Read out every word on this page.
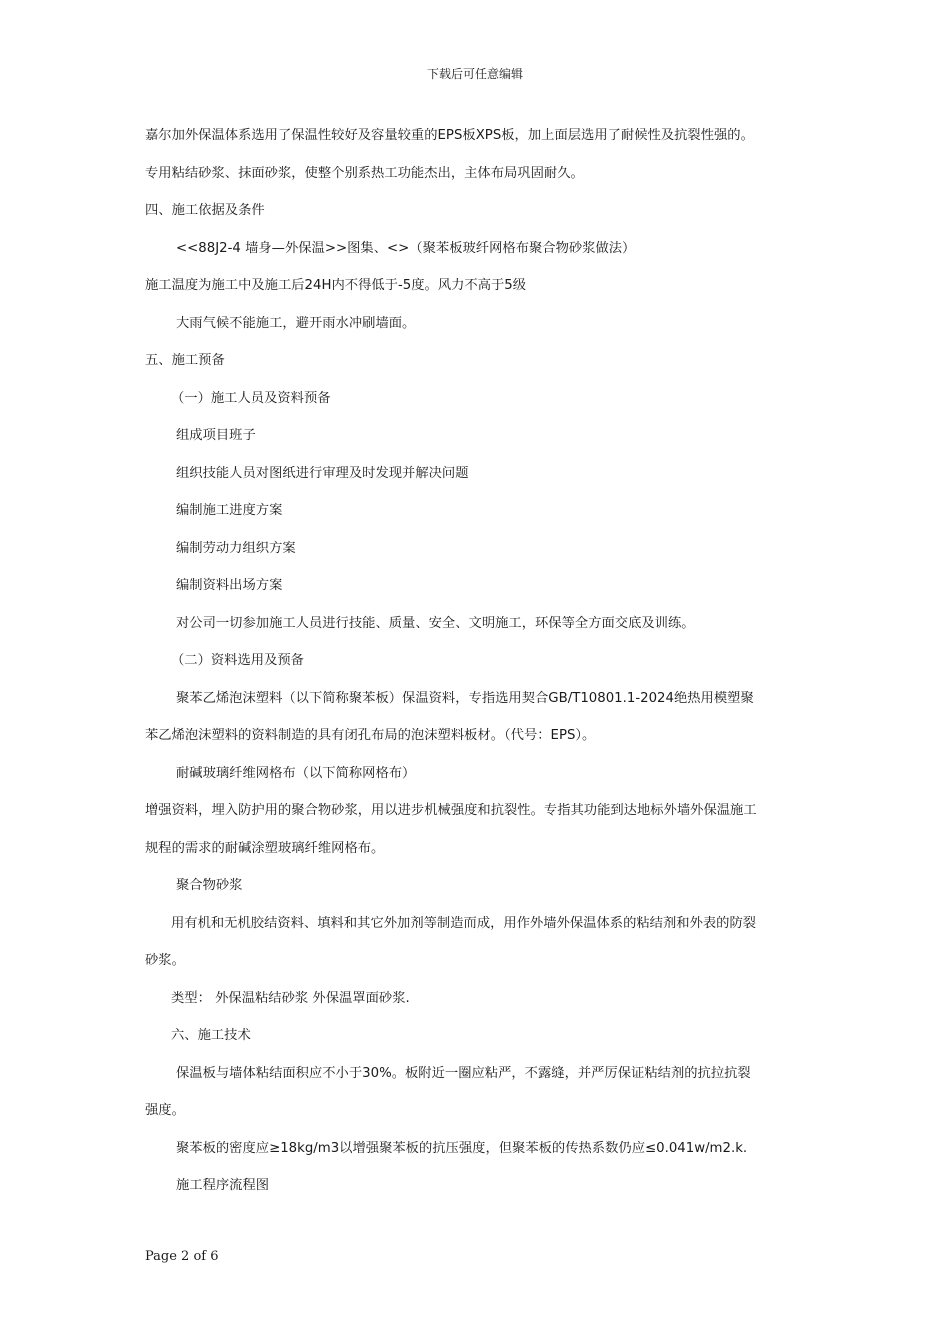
下载后可任意编辑
嘉尔加外保温体系选用了保温性较好及容量较重的EPS板XPS板，加上面层选用了耐候性及抗裂性强的。
专用粘结砂浆、抹面砂浆，使整个别系热工功能杰出，主体布局巩固耐久。
四、施工依据及条件
<<88J2-4 墙身—外保温>>图集、<>（聚苯板玻纤网格布聚合物砂浆做法）
施工温度为施工中及施工后24H内不得低于-5度。风力不高于5级
大雨气候不能施工，避开雨水冲刷墙面。
五、施工预备
（一）施工人员及资料预备
组成项目班子
组织技能人员对图纸进行审理及时发现并解决问题
编制施工进度方案
编制劳动力组织方案
编制资料出场方案
对公司一切参加施工人员进行技能、质量、安全、文明施工，环保等全方面交底及训练。
（二）资料选用及预备
聚苯乙烯泡沫塑料（以下简称聚苯板）保温资料，专指选用契合GB/T10801.1-2024绝热用模塑聚
苯乙烯泡沫塑料的资料制造的具有闭孔布局的泡沫塑料板材。（代号：EPS）。
耐碱玻璃纤维网格布（以下简称网格布）
增强资料，埋入防护用的聚合物砂浆，用以进步机械强度和抗裂性。专指其功能到达地标外墙外保温施工
规程的需求的耐碱涂塑玻璃纤维网格布。
聚合物砂浆
用有机和无机胶结资料、填料和其它外加剂等制造而成，用作外墙外保温体系的粘结剂和外表的防裂
砂浆。
类型： 外保温粘结砂浆 外保温罩面砂浆.
六、施工技术
保温板与墙体粘结面积应不小于30%。板附近一圈应粘严，不露缝，并严厉保证粘结剂的抗拉抗裂
强度。
聚苯板的密度应≥18kg/m3以增强聚苯板的抗压强度，但聚苯板的传热系数仍应≤0.041w/m2.k.
施工程序流程图
Page 2 of 6
